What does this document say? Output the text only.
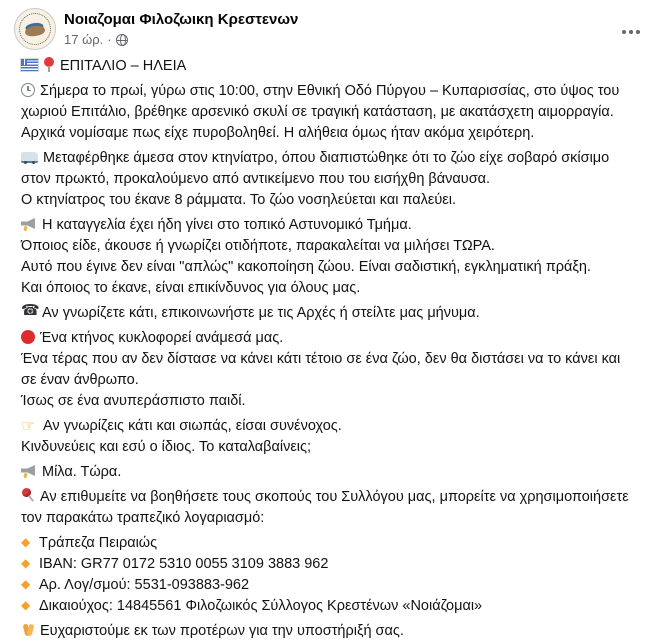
Νοιαζομαι Φιλοζωικη Κρεστενων
17 ώρ. ·
ΕΠΙΤΑΛΙΟ – ΗΛΕΙΑ
Σήμερα το πρωί, γύρω στις 10:00, στην Εθνική Οδό Πύργου – Κυπαρισσίας, στο ύψος του
χωριού Επιτάλιο, βρέθηκε αρσενικό σκυλί σε τραγική κατάσταση, με ακατάσχετη αιμορραγία.
Αρχικά νομίσαμε πως είχε πυροβοληθεί. Η αλήθεια όμως ήταν ακόμα χειρότερη.
Μεταφέρθηκε άμεσα στον κτηνίατρο, όπου διαπιστώθηκε ότι το ζώο είχε σοβαρό σκίσιμο
στον πρωκτό, προκαλούμενο από αντικείμενο που του εισήχθη βάναυσα.
Ο κτηνίατρος του έκανε 8 ράμματα. Το ζώο νοσηλεύεται και παλεύει.
Η καταγγελία έχει ήδη γίνει στο τοπικό Αστυνομικό Τμήμα.
Όποιος είδε, άκουσε ή γνωρίζει οτιδήποτε, παρακαλείται να μιλήσει ΤΩΡΑ.
Αυτό που έγινε δεν είναι "απλώς" κακοποίηση ζώου. Είναι σαδιστική, εγκληματική πράξη.
Και όποιος το έκανε, είναι επικίνδυνος για όλους μας.
☎Αν γνωρίζετε κάτι, επικοινωνήστε με τις Αρχές ή στείλτε μας μήνυμα.
Ένα κτήνος κυκλοφορεί ανάμεσά μας.
Ένα τέρας που αν δεν δίστασε να κάνει κάτι τέτοιο σε ένα ζώο, δεν θα διστάσει να το κάνει και
σε έναν άνθρωπο.
Ίσως σε ένα ανυπεράσπιστο παιδί.
☞Αν γνωρίζεις κάτι και σιωπάς, είσαι συνένοχος.
Κινδυνεύεις και εσύ ο ίδιος. Το καταλαβαίνεις;
Μίλα. Τώρα.
Αν επιθυμείτε να βοηθήσετε τους σκοπούς του Συλλόγου μας, μπορείτε να χρησιμοποιήσετε
τον παρακάτω τραπεζικό λογαριασμό:
◆Τράπεζα Πειραιώς
◆IBAN: GR77 0172 5310 0055 3109 3883 962
◆Αρ. Λογ/σμού: 5531-093883-962
◆Δικαιούχος: 14845561 Φιλοζωικός Σύλλογος Κρεστένων «Νοιάζομαι»
Ευχαριστούμε εκ των προτέρων για την υποστήριξή σας.
